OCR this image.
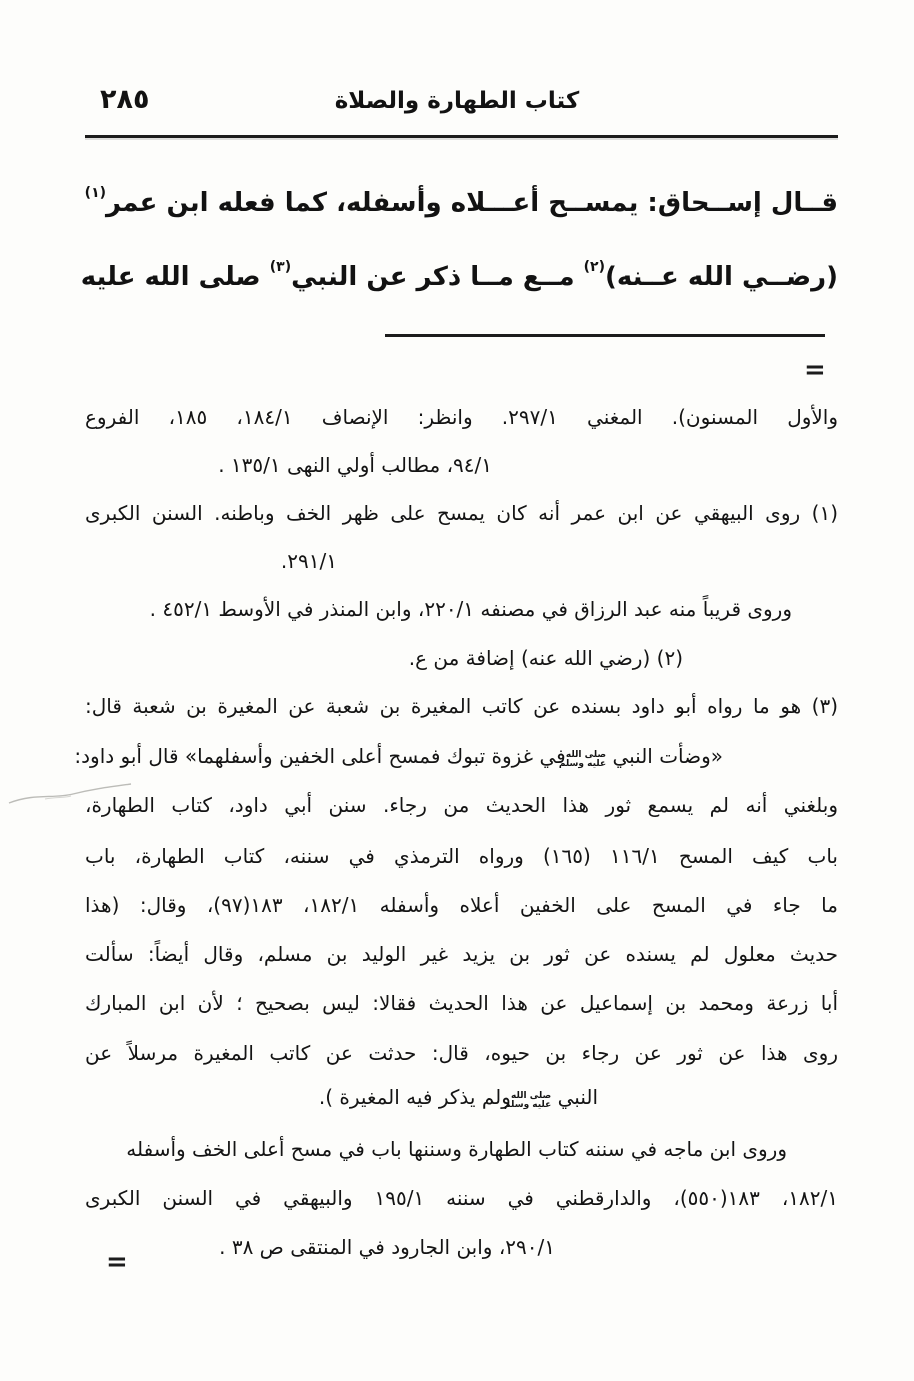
٢٨٥	كتاب الطهارة والصلاة
قــال إســحاق: يمســح أعـــلاه وأسفله، كما فعله ابن عمر$^{(١)}$
(رضــي الله عــنه)$^{(٢)}$ مــع مــا ذكر عن النبي$^{(٣)}$ صلى الله عليه
=
=
والأول المسنون). المغني ٢٩٧/١. وانظر: الإنصاف ١٨٤/١، ١٨٥، الفروع
٩٤/١، مطالب أولي النهى ١٣٥/١ .
(١) روى البيهقي عن ابن عمر أنه كان يمسح على ظهر الخف وباطنه. السنن الكبرى
٢٩١/١.
وروى قريباً منه عبد الرزاق في مصنفه ٢٢٠/١، وابن المنذر في الأوسط ٤٥٢/١ .
(٢) (رضي الله عنه) إضافة من ع.
(٣) هو ما رواه أبو داود بسنده عن كاتب المغيرة بن شعبة عن المغيرة بن شعبة قال:
«وضأت النبي
صلى الله
عليه وسلم
في غزوة تبوك فمسح أعلى الخفين وأسفلهما» قال أبو داود:
وبلغني أنه لم يسمع ثور هذا الحديث من رجاء. سنن أبي داود، كتاب الطهارة،
باب كيف المسح ١١٦/١ (١٦٥) ورواه الترمذي في سننه، كتاب الطهارة، باب
ما جاء في المسح على الخفين أعلاه وأسفله ١٨٢/١، ١٨٣(٩٧)، وقال: (هذا
حديث معلول لم يسنده عن ثور بن يزيد غير الوليد بن مسلم، وقال أيضاً: سألت
أبا زرعة ومحمد بن إسماعيل عن هذا الحديث فقالا: ليس بصحيح ؛ لأن ابن المبارك
روى هذا عن ثور عن رجاء بن حيوه، قال: حدثت عن كاتب المغيرة مرسلاً عن
النبي
صلى الله
عليه وسلم
ولم يذكر فيه المغيرة ).
وروى ابن ماجه في سننه كتاب الطهارة وسننها باب في مسح أعلى الخف وأسفله
١٨٢/١، ١٨٣(٥٥٠)، والدارقطني في سننه ١٩٥/١ والبيهقي في السنن الكبرى
٢٩٠/١، وابن الجارود في المنتقى ص ٣٨ .
